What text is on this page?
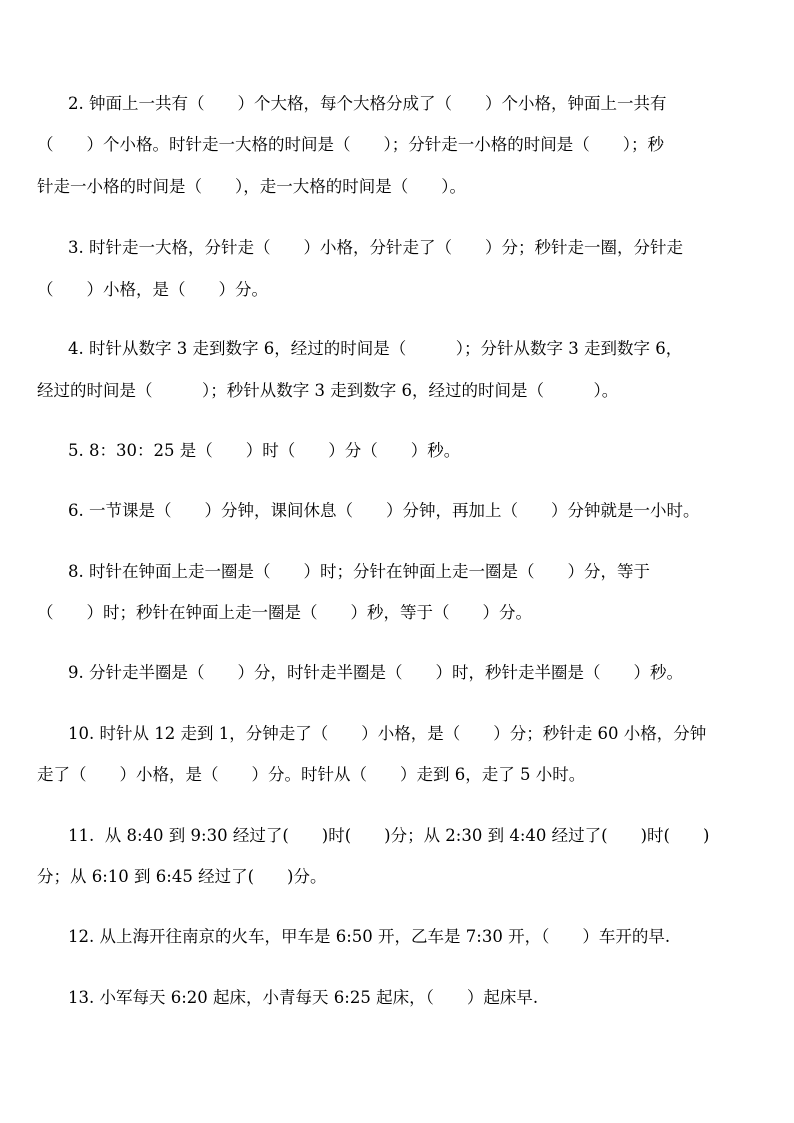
2. 钟面上一共有（　　）个大格，每个大格分成了（　　）个小格，钟面上一共有
（　　）个小格。时针走一大格的时间是（　　）；分针走一小格的时间是（　　）；秒
针走一小格的时间是（　　），走一大格的时间是（　　）。
3. 时针走一大格，分针走（　　）小格，分针走了（　　）分；秒针走一圈，分针走
（　　）小格，是（　　）分。
4. 时针从数字 3 走到数字 6，经过的时间是（　　　）；分针从数字 3 走到数字 6，
经过的时间是（　　　）；秒针从数字 3 走到数字 6，经过的时间是（　　　）。
5. 8：30：25 是（　　）时（　　）分（　　）秒。
6. 一节课是（　　）分钟，课间休息（　　）分钟，再加上（　　）分钟就是一小时。
8. 时针在钟面上走一圈是（　　）时；分针在钟面上走一圈是（　　）分，等于
（　　）时；秒针在钟面上走一圈是（　　）秒，等于（　　）分。
9. 分针走半圈是（　　）分，时针走半圈是（　　）时，秒针走半圈是（　　）秒。
10. 时针从 12 走到 1，分钟走了（　　）小格，是（　　）分；秒针走 60 小格，分钟
走了（　　）小格，是（　　）分。时针从（　　）走到 6，走了 5 小时。
11.  从 8:40 到 9:30 经过了(　　)时(　　)分；从 2:30 到 4:40 经过了(　　)时(　　)
分；从 6:10 到 6:45 经过了(　　)分。
12. 从上海开往南京的火车，甲车是 6:50 开，乙车是 7:30 开，（　　）车开的早.
13. 小军每天 6:20 起床，小青每天 6:25 起床，（　　）起床早.
